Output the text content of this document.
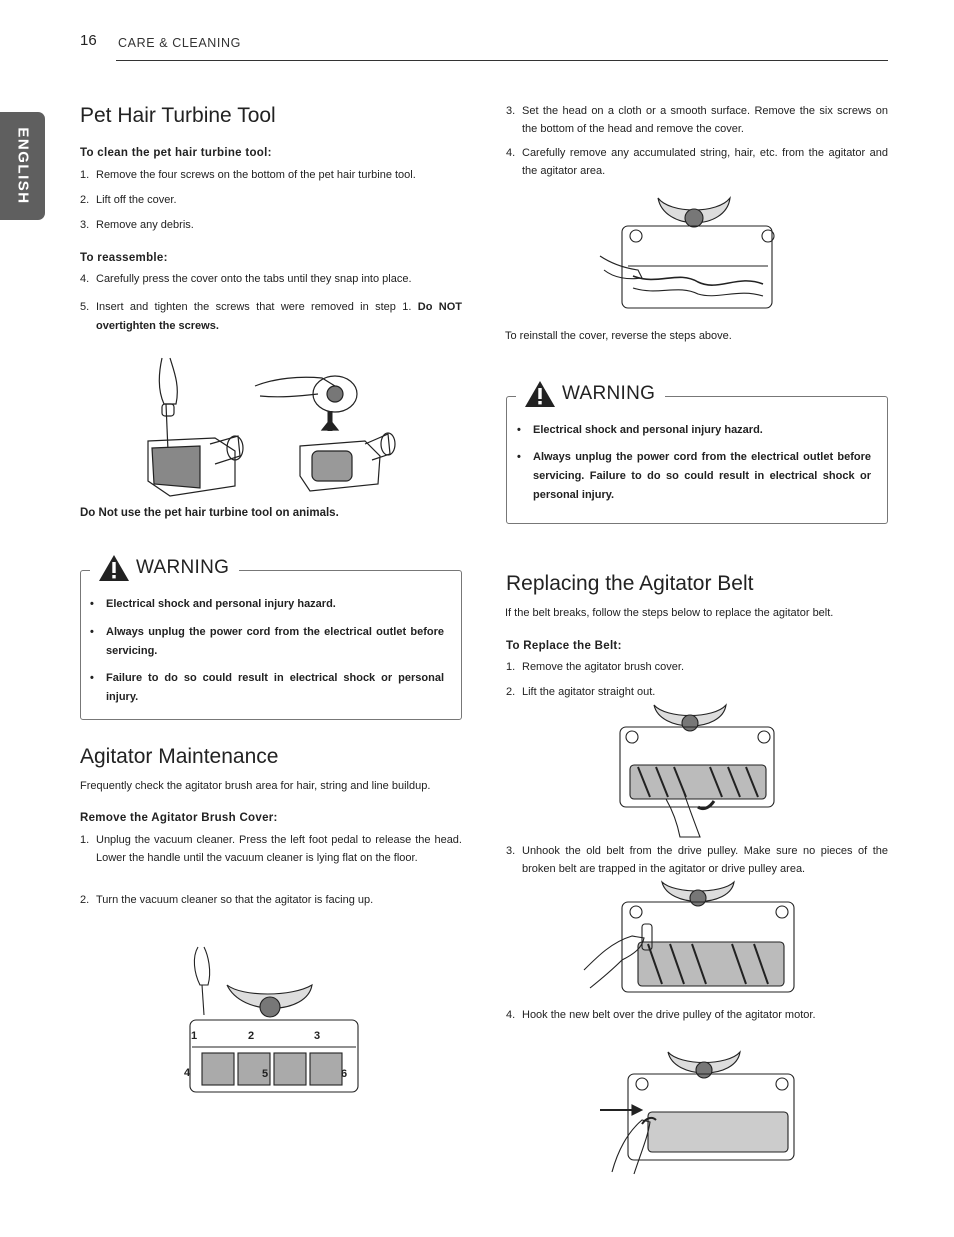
16 CARE & CLEANING
ENGLISH
Pet Hair Turbine Tool
To clean the pet hair turbine tool:
1. Remove the four screws on the bottom of the pet hair turbine tool.
2. Lift off the cover.
3. Remove any debris.
To reassemble:
4. Carefully press the cover onto the tabs until they snap into place.
5. Insert and tighten the screws that were removed in step 1. Do NOT overtighten the screws.
Do Not use the pet hair turbine tool on animals.
WARNING
• Electrical shock and personal injury hazard.
• Always unplug the power cord from the electrical outlet before servicing.
• Failure to do so could result in electrical shock or personal injury.
Agitator Maintenance
Frequently check the agitator brush area for hair, string and line buildup.
Remove the Agitator Brush Cover:
1. Unplug the vacuum cleaner. Press the left foot pedal to release the head. Lower the handle until the vacuum cleaner is lying flat on the floor.
2. Turn the vacuum cleaner so that the agitator is facing up.
1	2	3
4	5	6
3. Set the head on a cloth or a smooth surface. Remove the six screws on the bottom of the head and remove the cover.
4. Carefully remove any accumulated string, hair, etc. from the agitator and the agitator area.
To reinstall the cover, reverse the steps above.
WARNING
• Electrical shock and personal injury hazard.
• Always unplug the power cord from the electrical outlet before servicing. Failure to do so could result in electrical shock or personal injury.
Replacing the Agitator Belt
If the belt breaks, follow the steps below to replace the agitator belt.
To Replace the Belt:
1. Remove the agitator brush cover.
2. Lift the agitator straight out.
3. Unhook the old belt from the drive pulley. Make sure no pieces of the broken belt are trapped in the agitator or drive pulley area.
4. Hook the new belt over the drive pulley of the agitator motor.
